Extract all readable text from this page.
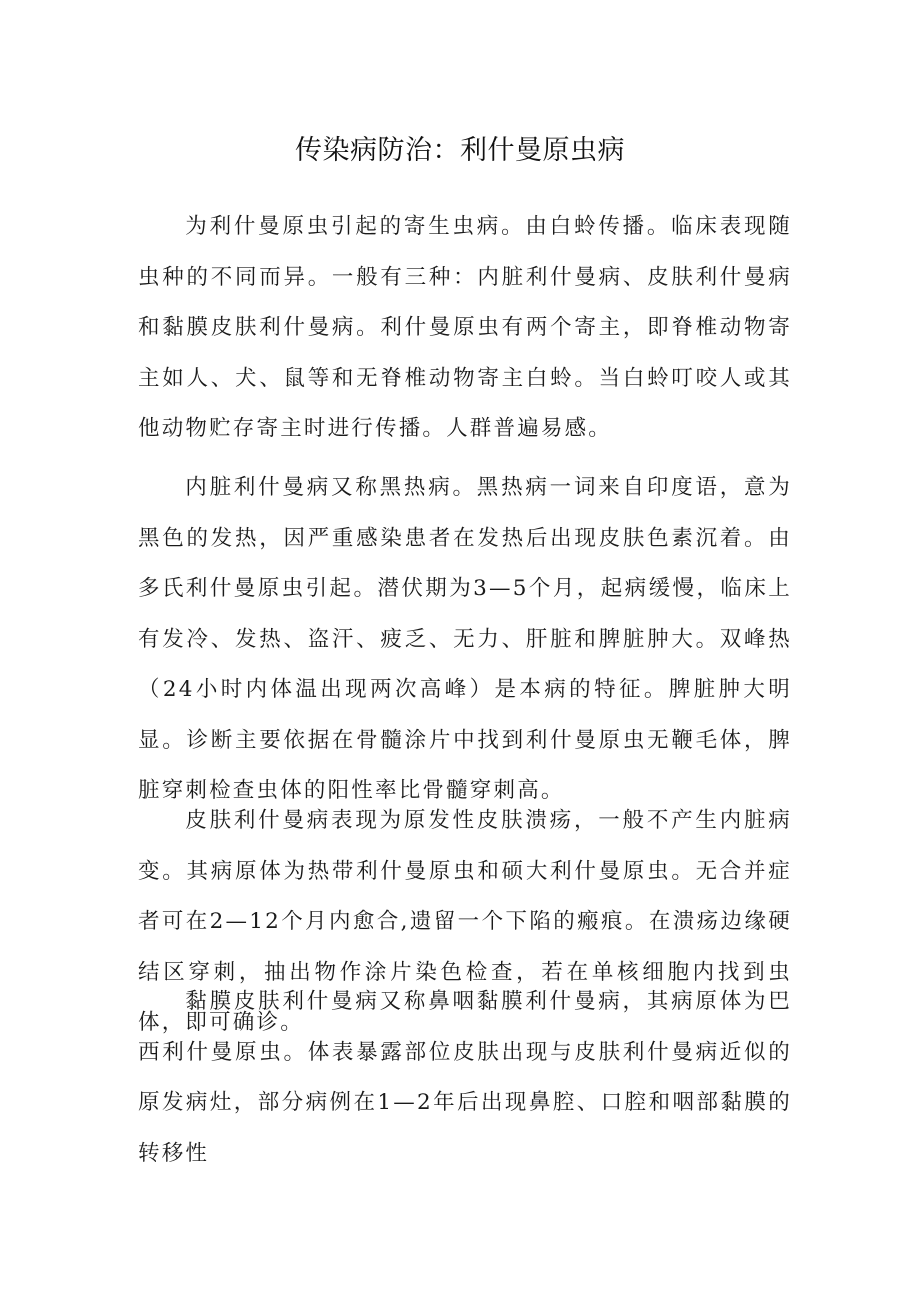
传染病防治：利什曼原虫病

为利什曼原虫引起的寄生虫病。由白蛉传播。临床表现随虫种的不同而异。一般有三种：内脏利什曼病、皮肤利什曼病和黏膜皮肤利什曼病。利什曼原虫有两个寄主，即脊椎动物寄主如人、犬、鼠等和无脊椎动物寄主白蛉。当白蛉叮咬人或其他动物贮存寄主时进行传播。人群普遍易感。

内脏利什曼病又称黑热病。黑热病一词来自印度语，意为黑色的发热，因严重感染患者在发热后出现皮肤色素沉着。由多氏利什曼原虫引起。潜伏期为3—5个月，起病缓慢，临床上有发冷、发热、盗汗、疲乏、无力、肝脏和脾脏肿大。双峰热（24小时内体温出现两次高峰）是本病的特征。脾脏肿大明显。诊断主要依据在骨髓涂片中找到利什曼原虫无鞭毛体，脾脏穿刺检查虫体的阳性率比骨髓穿刺高。

皮肤利什曼病表现为原发性皮肤溃疡，一般不产生内脏病变。其病原体为热带利什曼原虫和硕大利什曼原虫。无合并症者可在2—12个月内愈合,遗留一个下陷的瘢痕。在溃疡边缘硬结区穿刺，抽出物作涂片染色检查，若在单核细胞内找到虫体，即可确诊。

黏膜皮肤利什曼病又称鼻咽黏膜利什曼病，其病原体为巴西利什曼原虫。体表暴露部位皮肤出现与皮肤利什曼病近似的原发病灶，部分病例在1—2年后出现鼻腔、口腔和咽部黏膜的转移性
